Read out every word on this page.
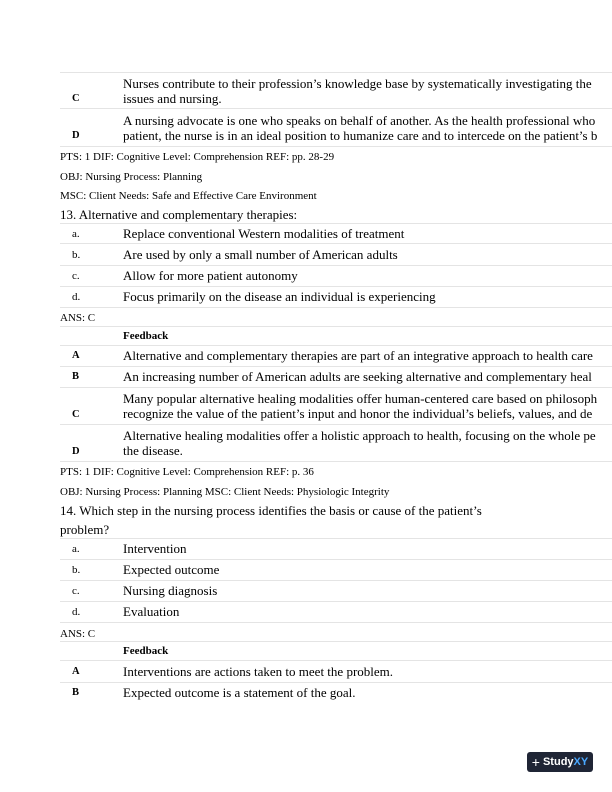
C
Nurses contribute to their profession’s knowledge base by systematically investigating the
issues and nursing.
D
A nursing advocate is one who speaks on behalf of another. As the health professional who
patient, the nurse is in an ideal position to humanize care and to intercede on the patient’s b
PTS: 1 DIF: Cognitive Level: Comprehension REF: pp. 28-29
OBJ: Nursing Process: Planning
MSC: Client Needs: Safe and Effective Care Environment
13. Alternative and complementary therapies:
a.	Replace conventional Western modalities of treatment
b.	Are used by only a small number of American adults
c.	Allow for more patient autonomy
d.	Focus primarily on the disease an individual is experiencing
ANS: C
Feedback
A	Alternative and complementary therapies are part of an integrative approach to health care
B	An increasing number of American adults are seeking alternative and complementary heal
C
Many popular alternative healing modalities offer human-centered care based on philosoph
recognize the value of the patient’s input and honor the individual’s beliefs, values, and de
D
Alternative healing modalities offer a holistic approach to health, focusing on the whole pe
the disease.
PTS: 1 DIF: Cognitive Level: Comprehension REF: p. 36
OBJ: Nursing Process: Planning MSC: Client Needs: Physiologic Integrity
14. Which step in the nursing process identifies the basis or cause of the patient’s
problem?
a.	Intervention
b.	Expected outcome
c.	Nursing diagnosis
d.	Evaluation
ANS: C
Feedback
A	Interventions are actions taken to meet the problem.
B	Expected outcome is a statement of the goal.
+ Study XY
